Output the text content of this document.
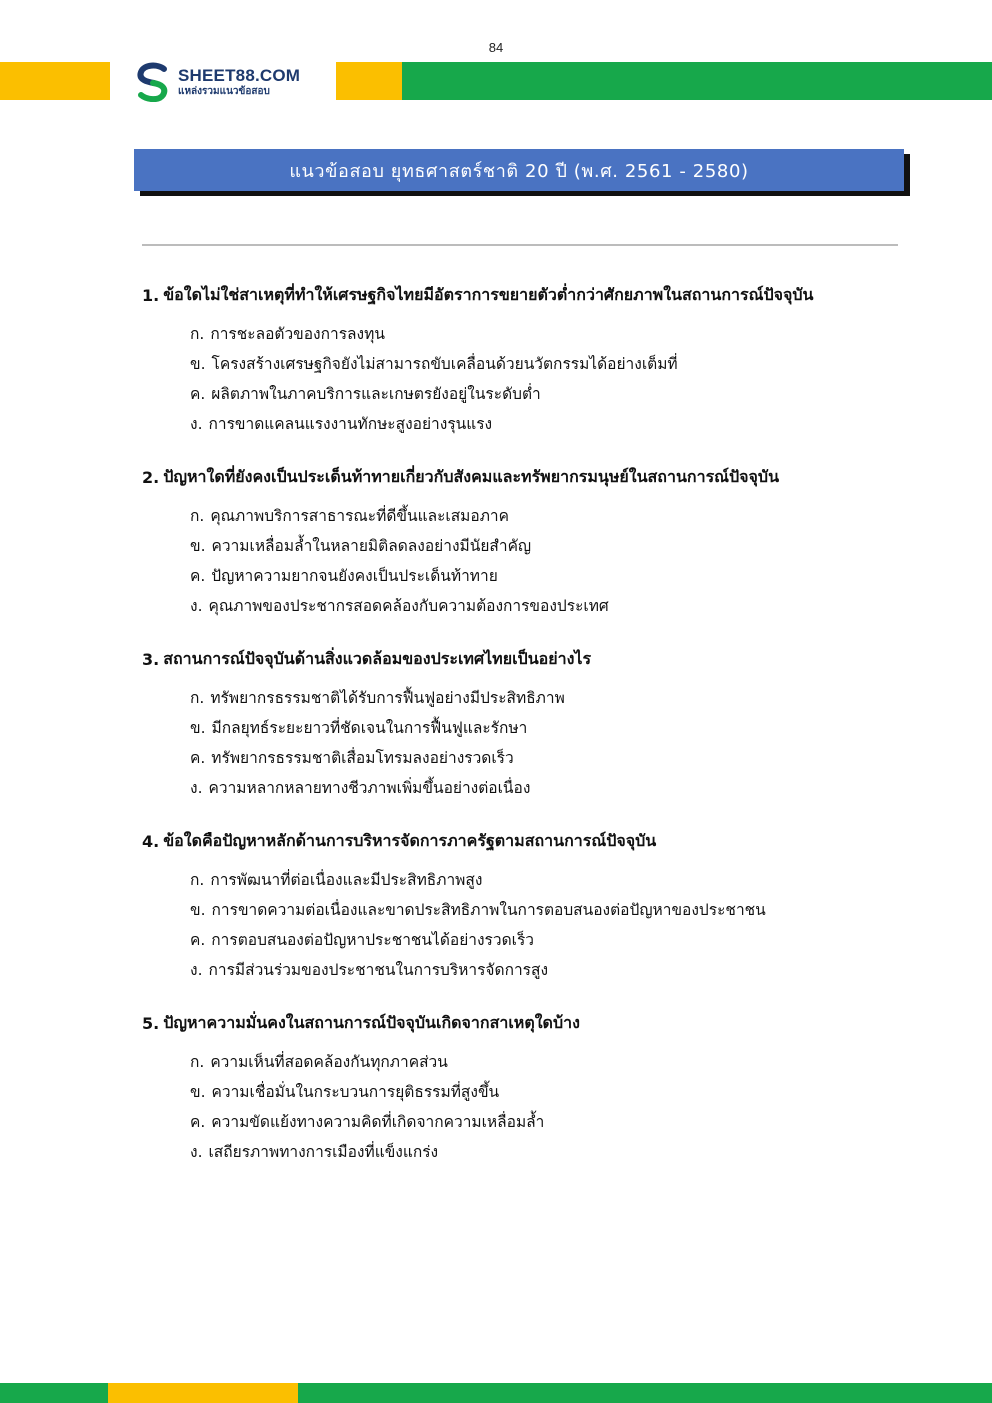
84
SHEET88.COM
แหล่งรวมแนวข้อสอบ
แนวข้อสอบ ยุทธศาสตร์ชาติ 20 ปี (พ.ศ. 2561 - 2580)
1. ข้อใดไม่ใช่สาเหตุที่ทำให้เศรษฐกิจไทยมีอัตราการขยายตัวต่ำกว่าศักยภาพในสถานการณ์ปัจจุบัน
ก. การชะลอตัวของการลงทุน
ข. โครงสร้างเศรษฐกิจยังไม่สามารถขับเคลื่อนด้วยนวัตกรรมได้อย่างเต็มที่
ค. ผลิตภาพในภาคบริการและเกษตรยังอยู่ในระดับต่ำ
ง. การขาดแคลนแรงงานทักษะสูงอย่างรุนแรง
2. ปัญหาใดที่ยังคงเป็นประเด็นท้าทายเกี่ยวกับสังคมและทรัพยากรมนุษย์ในสถานการณ์ปัจจุบัน
ก. คุณภาพบริการสาธารณะที่ดีขึ้นและเสมอภาค
ข. ความเหลื่อมล้ำในหลายมิติลดลงอย่างมีนัยสำคัญ
ค. ปัญหาความยากจนยังคงเป็นประเด็นท้าทาย
ง. คุณภาพของประชากรสอดคล้องกับความต้องการของประเทศ
3. สถานการณ์ปัจจุบันด้านสิ่งแวดล้อมของประเทศไทยเป็นอย่างไร
ก. ทรัพยากรธรรมชาติได้รับการฟื้นฟูอย่างมีประสิทธิภาพ
ข. มีกลยุทธ์ระยะยาวที่ชัดเจนในการฟื้นฟูและรักษา
ค. ทรัพยากรธรรมชาติเสื่อมโทรมลงอย่างรวดเร็ว
ง. ความหลากหลายทางชีวภาพเพิ่มขึ้นอย่างต่อเนื่อง
4. ข้อใดคือปัญหาหลักด้านการบริหารจัดการภาครัฐตามสถานการณ์ปัจจุบัน
ก. การพัฒนาที่ต่อเนื่องและมีประสิทธิภาพสูง
ข. การขาดความต่อเนื่องและขาดประสิทธิภาพในการตอบสนองต่อปัญหาของประชาชน
ค. การตอบสนองต่อปัญหาประชาชนได้อย่างรวดเร็ว
ง. การมีส่วนร่วมของประชาชนในการบริหารจัดการสูง
5. ปัญหาความมั่นคงในสถานการณ์ปัจจุบันเกิดจากสาเหตุใดบ้าง
ก. ความเห็นที่สอดคล้องกันทุกภาคส่วน
ข. ความเชื่อมั่นในกระบวนการยุติธรรมที่สูงขึ้น
ค. ความขัดแย้งทางความคิดที่เกิดจากความเหลื่อมล้ำ
ง. เสถียรภาพทางการเมืองที่แข็งแกร่ง
